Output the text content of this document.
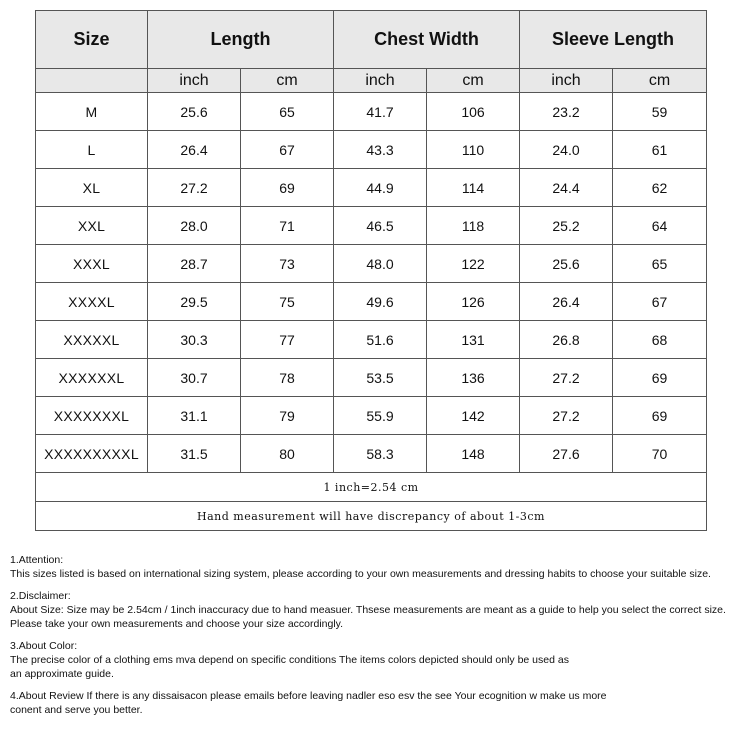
Size	Length		Chest Width		Sleeve Length	
	inch	cm	inch	cm	inch	cm
M	25.6	65	41.7	106	23.2	59
L	26.4	67	43.3	110	24.0	61
XL	27.2	69	44.9	114	24.4	62
XXL	28.0	71	46.5	118	25.2	64
XXXL	28.7	73	48.0	122	25.6	65
XXXXL	29.5	75	49.6	126	26.4	67
XXXXXL	30.3	77	51.6	131	26.8	68
XXXXXXL	30.7	78	53.5	136	27.2	69
XXXXXXXL	31.1	79	55.9	142	27.2	69
XXXXXXXXXL	31.5	80	58.3	148	27.6	70
1 inch=2.54 cm						
Hand measurement will have discrepancy of about 1-3cm						
1.Attention:
This sizes listed is based on international sizing system, please according to your own measurements and dressing habits to choose your suitable size.
2.Disclaimer:
About Size: Size may be 2.54cm / 1inch inaccuracy due to hand measuer. Thsese measurements are meant as a guide to help you select the correct size.
Please take your own measurements and choose your size accordingly.
3.About Color:
The precise color of a clothing ems mva depend on specific conditions The items colors depicted should only be used as
an approximate guide.
4.About Review If there is any dissaisacon please emails before leaving nadler eso esv the see Your ecognition w make us more
conent and serve you better.
